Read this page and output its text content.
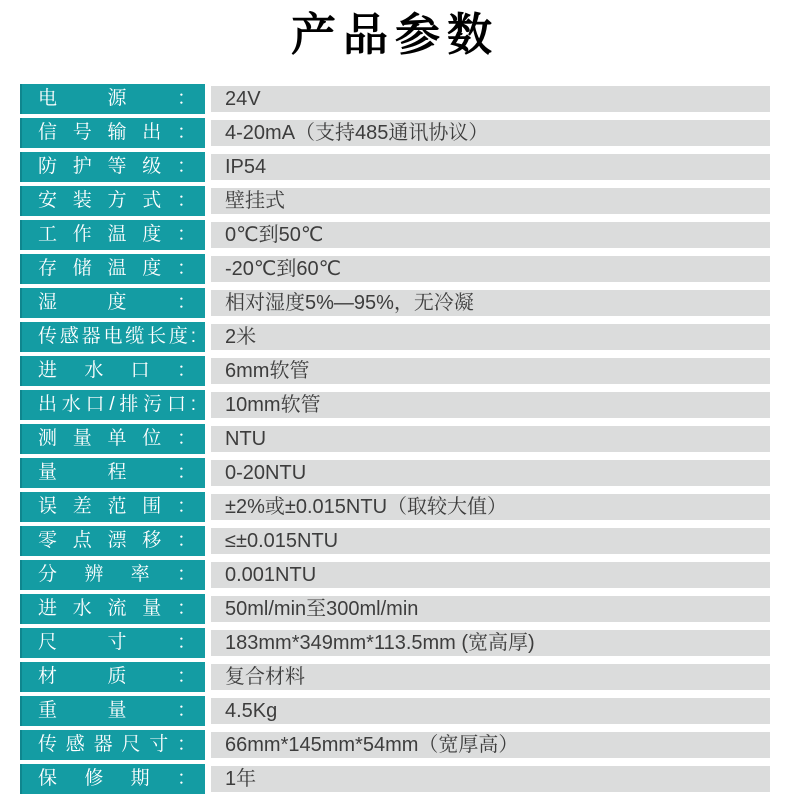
产品参数
电源：	24V
信号输出：	4-20mA（支持485通讯协议）
防护等级：	IP54
安装方式：	壁挂式
工作温度：	0℃到50℃
存储温度：	-20℃到60℃
湿度：	相对湿度5%—95%，无冷凝
传感器电缆长度:	2米
进水口：	6mm软管
出水口/排污口:	10mm软管
测量单位：	NTU
量程：	0-20NTU
误差范围：	±2%或±0.015NTU（取较大值）
零点漂移：	≤±0.015NTU
分辨率：	0.001NTU
进水流量：	50ml/min至300ml/min
尺寸：	183mm*349mm*113.5mm (宽高厚)
材质：	复合材料
重量：	4.5Kg
传感器尺寸：	66mm*145mm*54mm（宽厚高）
保修期：	1年
